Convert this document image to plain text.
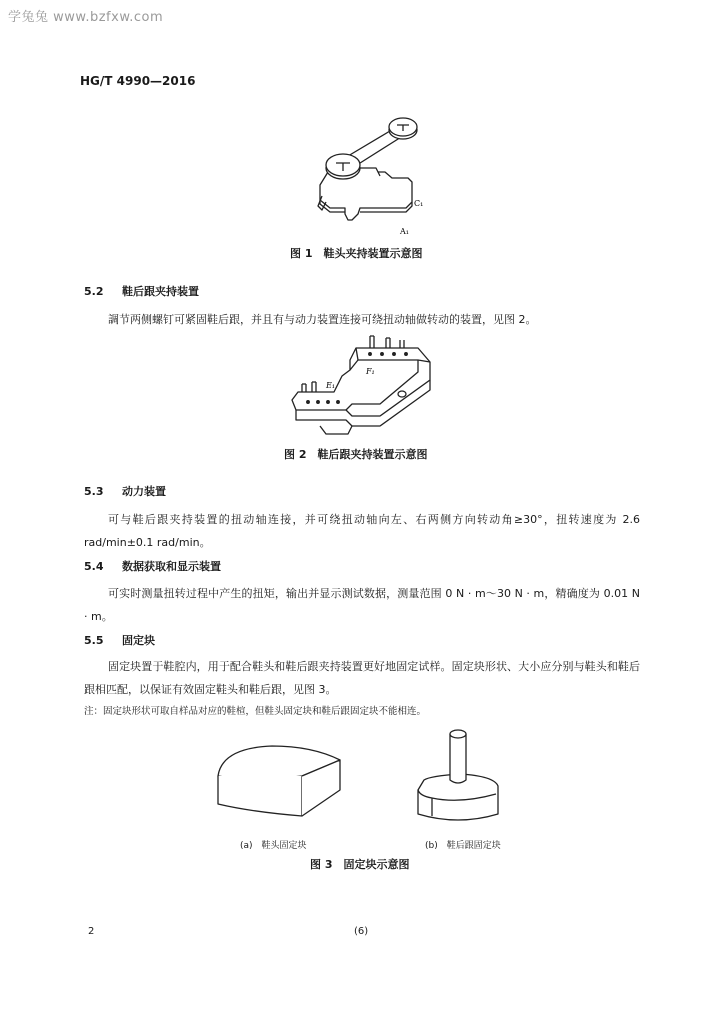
学兔兔 www.bzfxw.com
HG/T 4990—2016
C₁
A₁
图 1　鞋头夹持装置示意图
5.2 鞋后跟夹持装置
調节两侧螺钉可紧固鞋后跟，并且有与动力装置连接可绕扭动轴做转动的装置，见图 2。
F₁
E₁
图 2　鞋后跟夹持装置示意图
5.3 动力装置
可与鞋后跟夹持装置的扭动轴连接，并可绕扭动轴向左、右两侧方向转动角≥30°，扭转速度为 2.6 rad/min±0.1 rad/min。
5.4 数据获取和显示装置
可实时测量扭转过程中产生的扭矩，输出并显示测试数据，测量范围 0 N · m～30 N · m，精确度为 0.01 N · m。
5.5 固定块
固定块置于鞋腔内，用于配合鞋头和鞋后跟夹持装置更好地固定试样。固定块形状、大小应分别与鞋头和鞋后跟相匹配，以保证有效固定鞋头和鞋后跟，见图 3。
注：固定块形状可取自样品对应的鞋楦，但鞋头固定块和鞋后跟固定块不能相连。
(a)　鞋头固定块	(b)　鞋后跟固定块
图 3　固定块示意图
2	(6)
